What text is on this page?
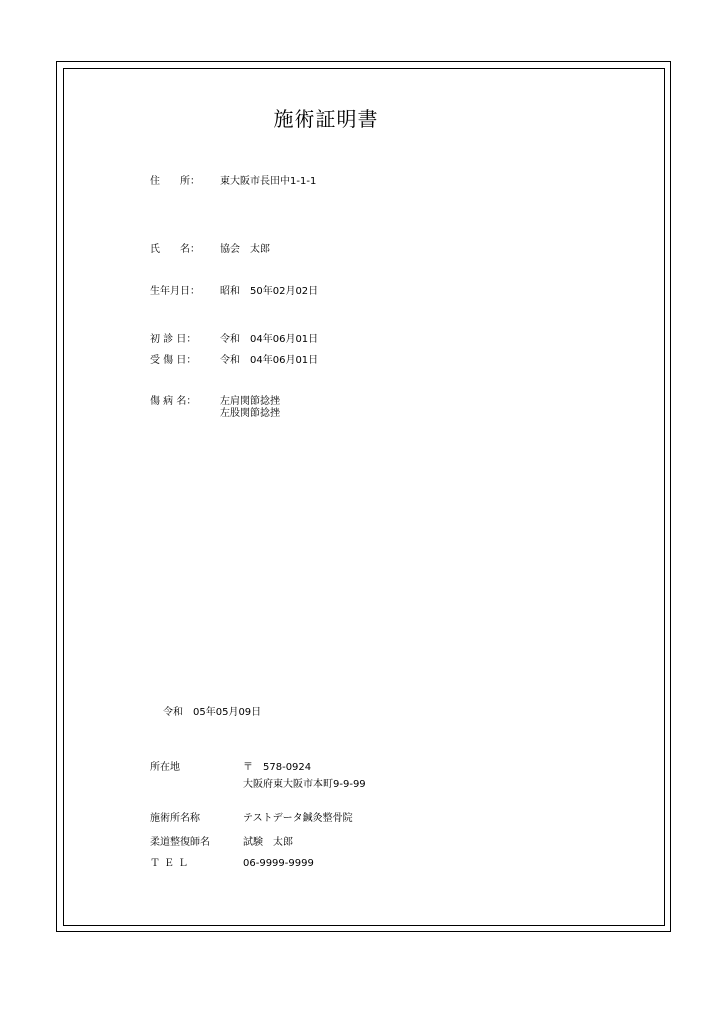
施術証明書
住　　所： 東大阪市長田中1-1-1
氏　　名： 協会　太郎
生年月日： 昭和　50年02月02日
初 診 日： 令和　04年06月01日
受 傷 日： 令和　04年06月01日
傷 病 名： 左肩関節捻挫
左股関節捻挫
令和　05年05月09日
所在地	〒　578-0924
大阪府東大阪市本町9-9-99
施術所名称	テストデータ鍼灸整骨院
柔道整復師名	試験　太郎
ＴＥＬ	06-9999-9999
